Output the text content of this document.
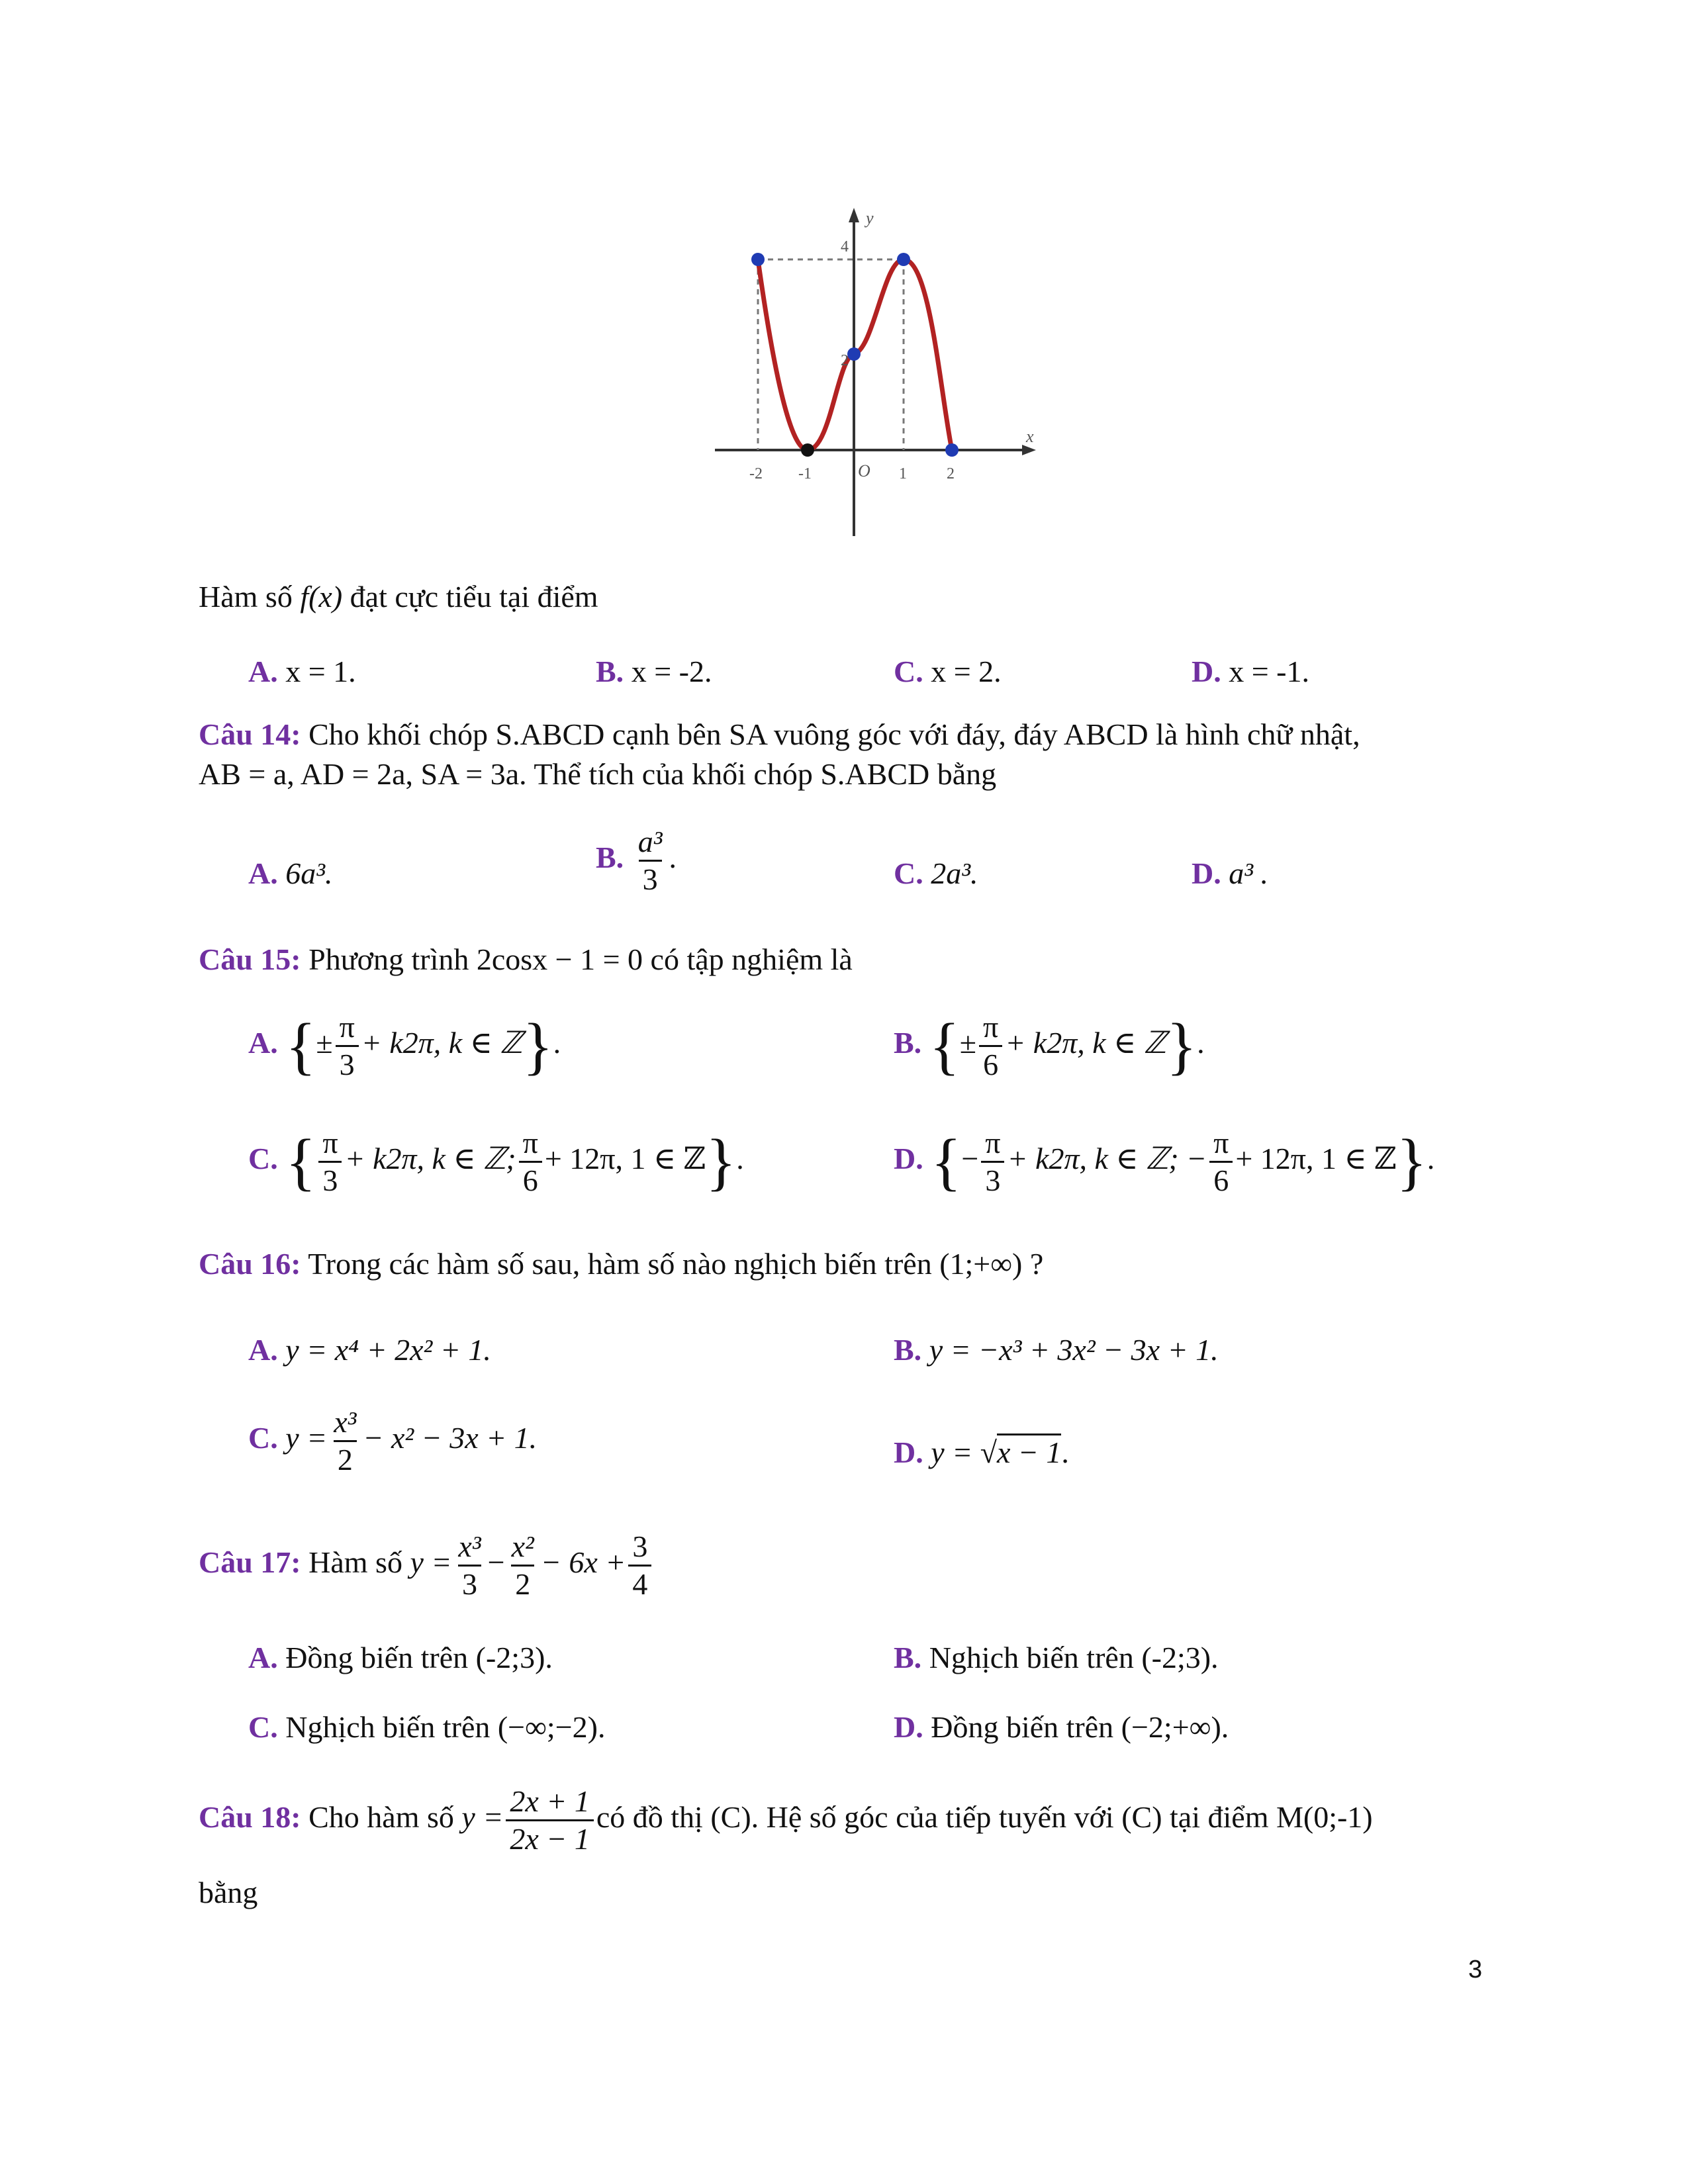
x
y
O
-2 -1	1	2
4
2
Hàm số f(x) đạt cực tiểu tại điểm
A. x = 1.	B. x = -2.	C. x = 2.	D. x = -1.
Câu 14: Cho khối chóp S.ABCD cạnh bên SA vuông góc với đáy, đáy ABCD là hình chữ nhật,
AB = a, AD = 2a, SA = 3a. Thể tích của khối chóp S.ABCD bằng
A. 6a³.	B. $\frac{\text{a³}}{3}$ .	C. 2a³.	D. a³ .
Câu 15: Phương trình 2cosx − 1 = 0 có tập nghiệm là
A. {± $\frac{\pi}{3} + k2\pi$, k ∈ ℤ}.	B. {± $\frac{\pi}{6} + k2\pi$, k ∈ ℤ}.
C. { $\frac{\pi}{3} + k2\pi$, k ∈ ℤ; $\frac{\pi}{6} + 12\pi$, 1 ∈ ℤ}.	D. {− $\frac{\pi}{3} + k2\pi$, k ∈ ℤ; − $\frac{\pi}{6} + 12\pi$, 1 ∈ ℤ}.
Câu 16: Trong các hàm số sau, hàm số nào nghịch biến trên (1;+∞) ?
A. y = x⁴ + 2x² + 1.	B. y = −x³ + 3x² − 3x + 1.
C. $y = \frac{\text{x³}}{2} - x^2 - 3x + 1$.	D. y = √x − 1.
Câu 17: Hàm số $y = \frac{\text{x³}}{3} - \frac{\text{x²}}{2} - 6x + \frac{3}{4}$
A. Đồng biến trên (-2;3).	B. Nghịch biến trên (-2;3).
C. Nghịch biến trên (−∞;−2).	D. Đồng biến trên (−2;+∞).
Câu 18: Cho hàm số $y = \frac{2x + 1}{2x - 1}$ có đồ thị (C). Hệ số góc của tiếp tuyến với (C) tại điểm M(0;-1)
bằng
3
